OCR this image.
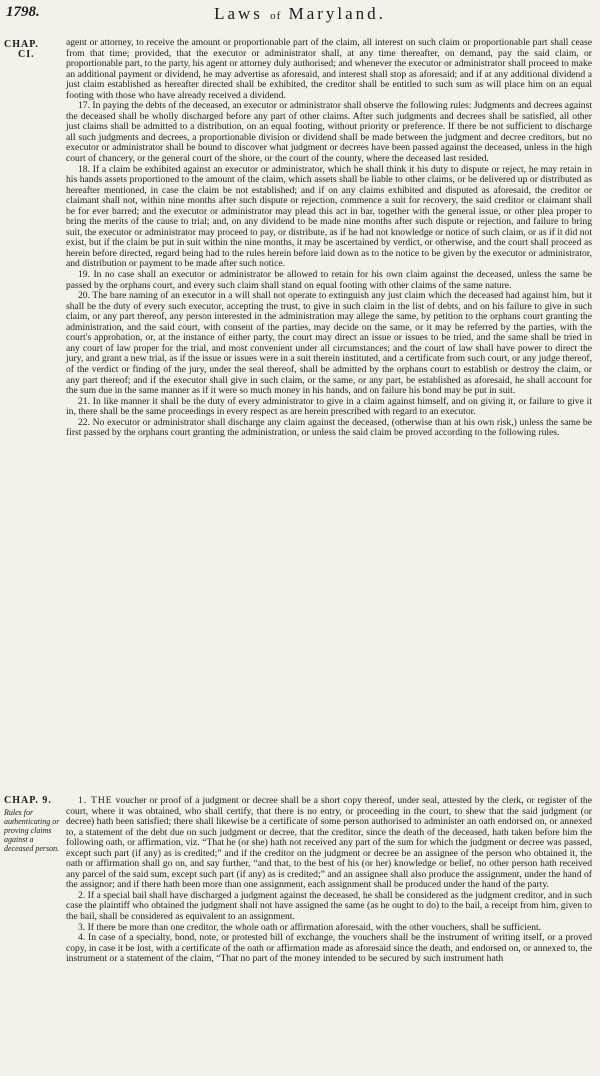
1798.	Laws of Maryland.
CHAP.
CI.

agent or attorney, to receive the amount or proportionable part of the claim, all interest on such claim or proportionable part shall cease from that time; provided, that the executor or administrator shall, at any time thereafter, on demand, pay the said claim, or proportionable part, to the party, his agent or attorney duly authorised; and whenever the executor or administrator shall proceed to make an additional payment or dividend, he may advertise as aforesaid, and interest shall stop as aforesaid; and if at any additional dividend a just claim established as hereafter directed shall be exhibited, the creditor shall be entitled to such sum as will place him on an equal footing with those who have already received a dividend.

17. In paying the debts of the deceased, an executor or administrator shall observe the following rules: Judgments and decrees against the deceased shall be wholly discharged before any part of other claims. After such judgments and decrees shall be satisfied, all other just claims shall be admitted to a distribution, on an equal footing, without priority or preference. If there be not sufficient to discharge all such judgments and decrees, a proportionable division or dividend shall be made between the judgment and decree creditors, but no executor or administrator shall be bound to discover what judgment or decrees have been passed against the deceased, unless in the high court of chancery, or the general court of the shore, or the court of the county, where the deceased last resided.

18. If a claim be exhibited against an executor or administrator, which he shall think it his duty to dispute or reject, he may retain in his hands assets proportioned to the amount of the claim, which assets shall be liable to other claims, or be delivered up or distributed as hereafter mentioned, in case the claim be not established; and if on any claims exhibited and disputed as aforesaid, the creditor or claimant shall not, within nine months after such dispute or rejection, commence a suit for recovery, the said creditor or claimant shall be for ever barred; and the executor or administrator may plead this act in bar, together with the general issue, or other plea proper to bring the merits of the cause to trial; and, on any dividend to be made nine months after such dispute or rejection, and failure to bring suit, the executor or administrator may proceed to pay, or distribute, as if he had not knowledge or notice of such claim, or as if it did not exist, but if the claim be put in suit within the nine months, it may be ascertained by verdict, or otherwise, and the court shall proceed as herein before directed, regard being had to the rules herein before laid down as to the notice to be given by the executor or administrator, and distribution or payment to be made after such notice.

19. In no case shall an executor or administrator be allowed to retain for his own claim against the deceased, unless the same be passed by the orphans court, and every such claim shall stand on equal footing with other claims of the same nature.

20. The bare naming of an executor in a will shall not operate to extinguish any just claim which the deceased had against him, but it shall be the duty of every such executor, accepting the trust, to give in such claim in the list of debts, and on his failure to give in such claim, or any part thereof, any person interested in the administration may allege the same, by petition to the orphans court granting the administration, and the said court, with consent of the parties, may decide on the same, or it may be referred by the parties, with the court's approbation, or, at the instance of either party, the court may direct an issue or issues to be tried, and the same shall be tried in any court of law proper for the trial, and most convenient under all circumstances; and the court of law shall have power to direct the jury, and grant a new trial, as if the issue or issues were in a suit therein instituted, and a certificate from such court, or any judge thereof, of the verdict or finding of the jury, under the seal thereof, shall be admitted by the orphans court to establish or destroy the claim, or any part thereof; and if the executor shall give in such claim, or the same, or any part, be established as aforesaid, he shall account for the sum due in the same manner as if it were so much money in his hands, and on failure his bond may be put in suit.

21. In like manner it shall be the duty of every administrator to give in a claim against himself, and on giving it, or failure to give it in, there shall be the same proceedings in every respect as are herein prescribed with regard to an executor.

22. No executor or administrator shall discharge any claim against the deceased, (otherwise than at his own risk,) unless the same be first passed by the orphans court granting the administration, or unless the said claim be proved according to the following rules.

CHAP. 9.
Rules for authenticating or proving claims against a deceased person.

1. THE voucher or proof of a judgment or decree shall be a short copy thereof, under seal, attested by the clerk, or register of the court, where it was obtained, who shall certify, that there is no entry, or proceeding in the court, to shew that the said judgment (or decree) hath been satisfied; there shall likewise be a certificate of some person authorised to administer an oath endorsed on, or annexed to, a statement of the debt due on such judgment or decree, that the creditor, since the death of the deceased, hath taken before him the following oath, or affirmation, viz. “That he (or she) hath not received any part of the sum for which the judgment or decree was passed, except such part (if any) as is credited;” and if the creditor on the judgment or decree be an assignee of the person who obtained it, the oath or affirmation shall go on, and say further, “and that, to the best of his (or her) knowledge or belief, no other person hath received any parcel of the said sum, except such part (if any) as is credited;” and an assignee shall also produce the assignment, under the hand of the assignor; and if there hath been more than one assignment, each assignment shall be produced under the hand of the party.

2. If a special bail shall have discharged a judgment against the deceased, he shall be considered as the judgment creditor, and in such case the plaintiff who obtained the judgment shall not have assigned the same (as he ought to do) to the bail, a receipt from him, given to the bail, shall be considered as equivalent to an assignment.

3. If there be more than one creditor, the whole oath or affirmation aforesaid, with the other vouchers, shall be sufficient.

4. In case of a specialty, bond, note, or protested bill of exchange, the vouchers shall be the instrument of writing itself, or a proved copy, in case it be lost, with a certificate of the oath or affirmation made as aforesaid since the death, and endorsed on, or annexed to, the instrument or a statement of the claim, “That no part of the money intended to be secured by such instrument hath
